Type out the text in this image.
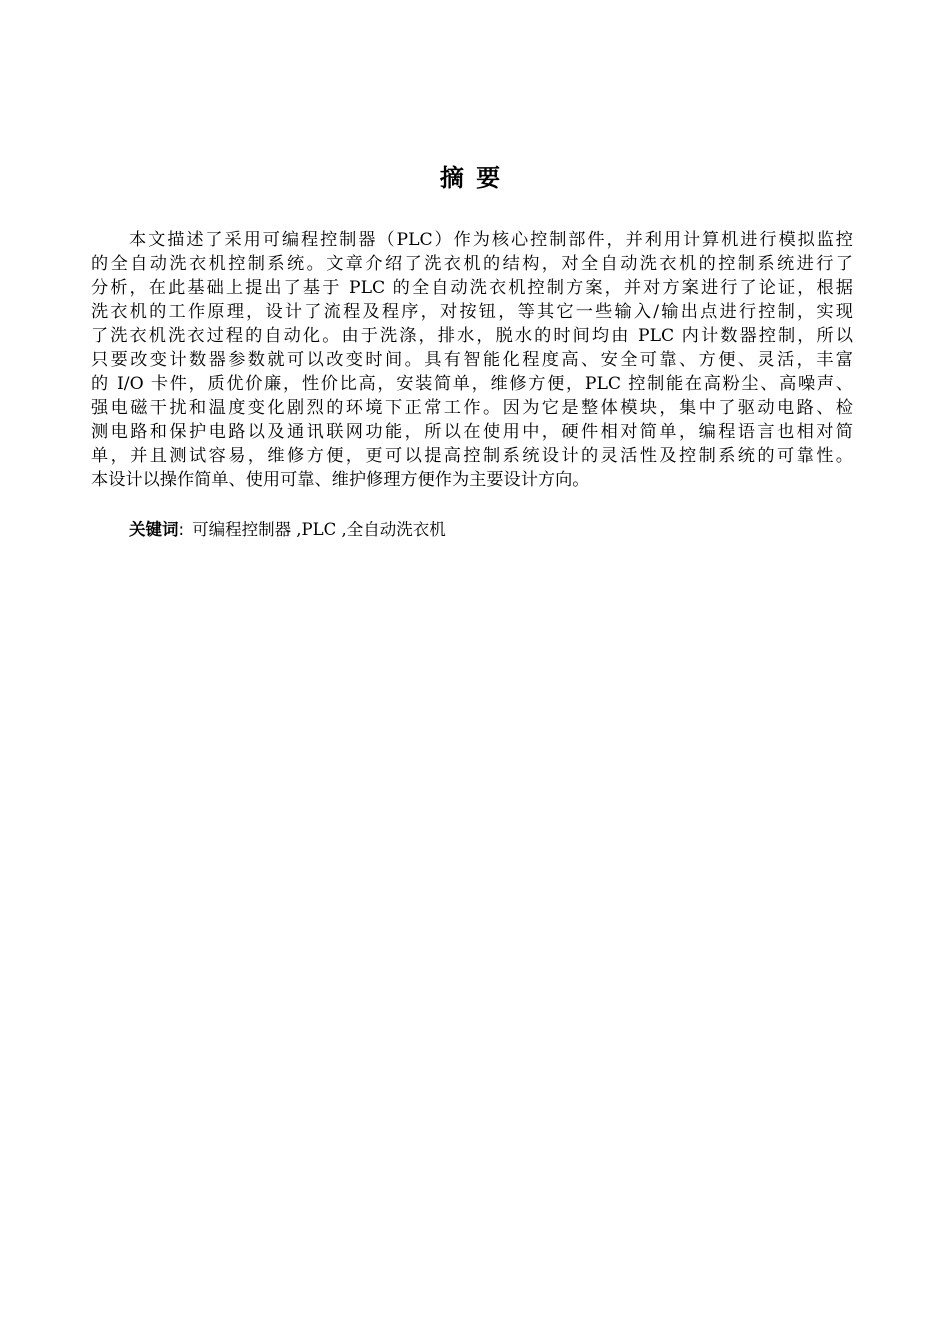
摘 要
本文描述了采用可编程控制器（PLC）作为核心控制部件，并利用计算机进行模拟监控
的全自动洗衣机控制系统。文章介绍了洗衣机的结构，对全自动洗衣机的控制系统进行了
分析，在此基础上提出了基于 PLC 的全自动洗衣机控制方案，并对方案进行了论证，根据
洗衣机的工作原理，设计了流程及程序，对按钮，等其它一些输入/输出点进行控制，实现
了洗衣机洗衣过程的自动化。由于洗涤，排水，脱水的时间均由 PLC 内计数器控制，所以
只要改变计数器参数就可以改变时间。具有智能化程度高、安全可靠、方便、灵活，丰富
的 I/O 卡件，质优价廉，性价比高，安装简单，维修方便，PLC 控制能在高粉尘、高噪声、
强电磁干扰和温度变化剧烈的环境下正常工作。因为它是整体模块，集中了驱动电路、检
测电路和保护电路以及通讯联网功能，所以在使用中，硬件相对简单，编程语言也相对简
单，并且测试容易，维修方便，更可以提高控制系统设计的灵活性及控制系统的可靠性。
本设计以操作简单、使用可靠、维护修理方便作为主要设计方向。
关键词: 可编程控制器 ,PLC ,全自动洗衣机
